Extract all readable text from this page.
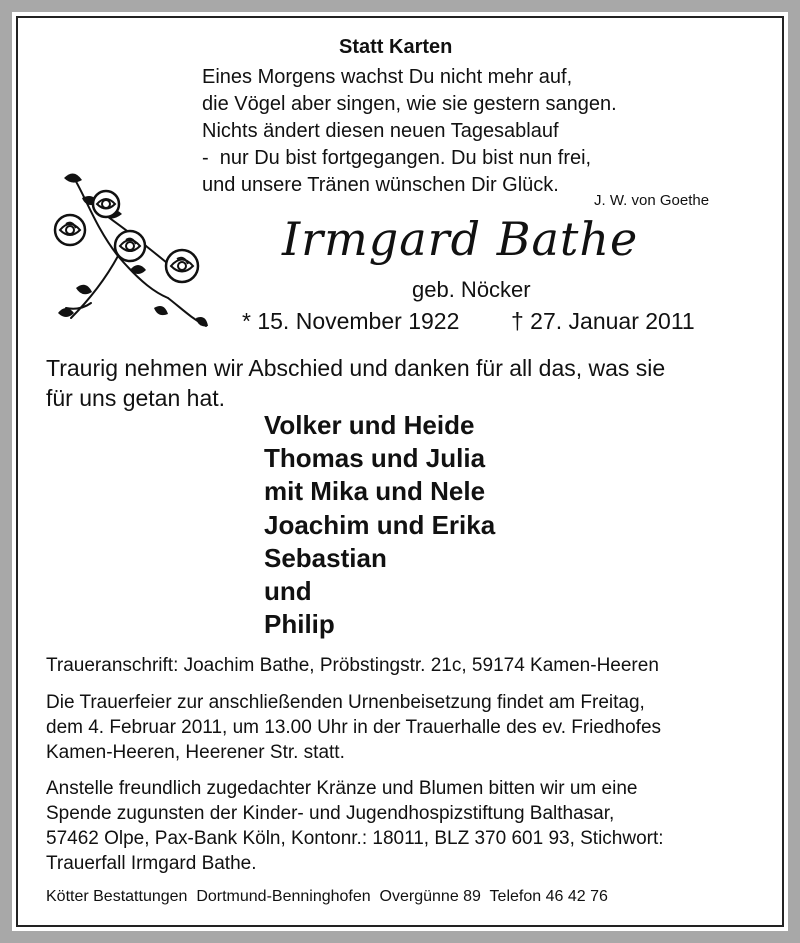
Statt Karten
Eines Morgens wachst Du nicht mehr auf,
die Vögel aber singen, wie sie gestern sangen.
Nichts ändert diesen neuen Tagesablauf
-  nur Du bist fortgegangen. Du bist nun frei,
und unsere Tränen wünschen Dir Glück.
J. W. von Goethe
Irmgard Bathe
geb. Nöcker
* 15. November 1922 † 27. Januar 2011
Traurig nehmen wir Abschied und danken für all das, was sie
für uns getan hat.
Volker und Heide
Thomas und Julia
mit Mika und Nele
Joachim und Erika
Sebastian
und
Philip
Traueranschrift: Joachim Bathe, Pröbstingstr. 21c, 59174 Kamen-Heeren
Die Trauerfeier zur anschließenden Urnenbeisetzung findet am Freitag,
dem 4. Februar 2011, um 13.00 Uhr in der Trauerhalle des ev. Friedhofes
Kamen-Heeren, Heerener Str. statt.
Anstelle freundlich zugedachter Kränze und Blumen bitten wir um eine
Spende zugunsten der Kinder- und Jugendhospizstiftung Balthasar,
57462 Olpe, Pax-Bank Köln, Kontonr.: 18011, BLZ 370 601 93, Stichwort:
Trauerfall Irmgard Bathe.
Kötter Bestattungen  Dortmund-Benninghofen  Overgünne 89  Telefon 46 42 76
